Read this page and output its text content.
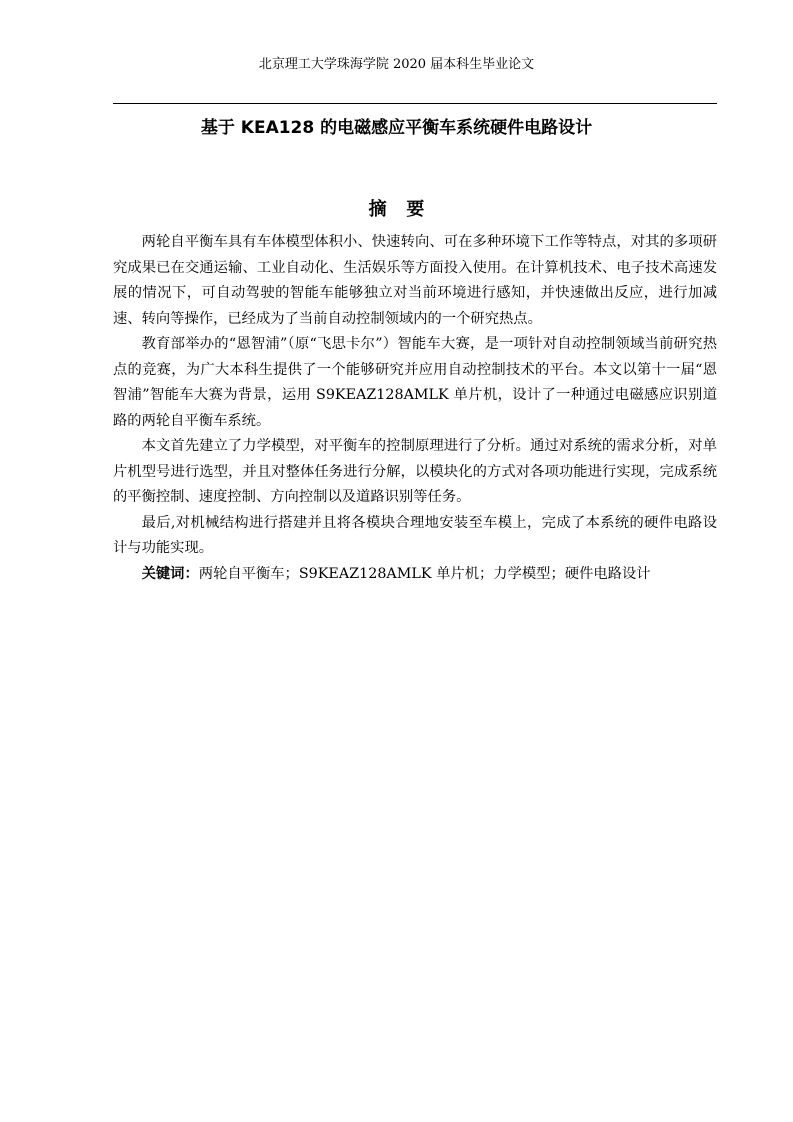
北京理工大学珠海学院 2020 届本科生毕业论文
基于 KEA128 的电磁感应平衡车系统硬件电路设计
摘要

两轮自平衡车具有车体模型体积小、快速转向、可在多种环境下工作等特点，对其的多项研究成果已在交通运输、工业自动化、生活娱乐等方面投入使用。在计算机技术、电子技术高速发展的情况下，可自动驾驶的智能车能够独立对当前环境进行感知，并快速做出反应，进行加减速、转向等操作，已经成为了当前自动控制领域内的一个研究热点。

教育部举办的“恩智浦”（原“飞思卡尔”）智能车大赛，是一项针对自动控制领域当前研究热点的竞赛，为广大本科生提供了一个能够研究并应用自动控制技术的平台。本文以第十一届“恩智浦”智能车大赛为背景，运用 S9KEAZ128AMLK 单片机，设计了一种通过电磁感应识别道路的两轮自平衡车系统。

本文首先建立了力学模型，对平衡车的控制原理进行了分析。通过对系统的需求分析，对单片机型号进行选型，并且对整体任务进行分解，以模块化的方式对各项功能进行实现，完成系统的平衡控制、速度控制、方向控制以及道路识别等任务。

最后,对机械结构进行搭建并且将各模块合理地安装至车模上，完成了本系统的硬件电路设计与功能实现。

关键词：两轮自平衡车；S9KEAZ128AMLK 单片机；力学模型；硬件电路设计
